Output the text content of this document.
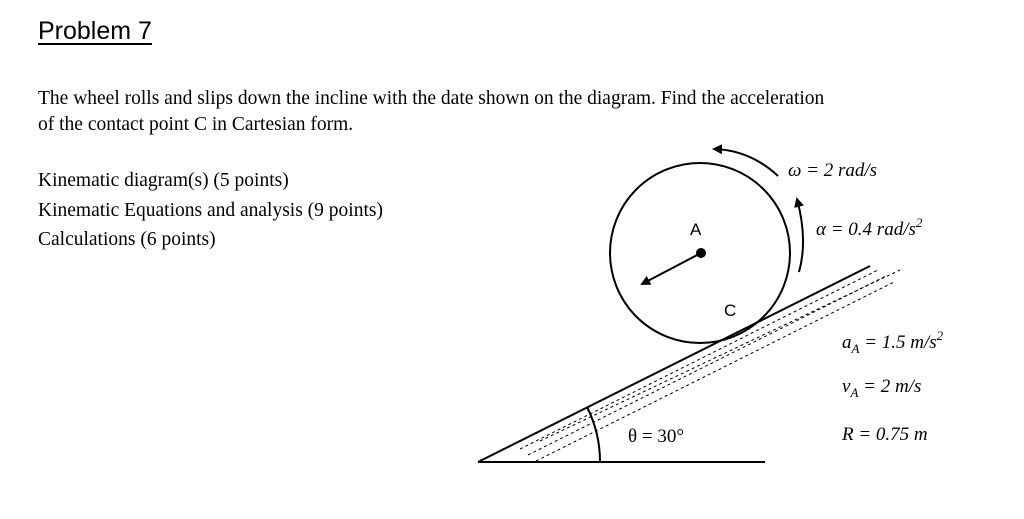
Problem 7
The wheel rolls and slips down the incline with the date shown on the diagram. Find the acceleration
of the contact point C in Cartesian form.
Kinematic diagram(s) (5 points)
Kinematic Equations and analysis (9 points)
Calculations (6 points)
θ = 30°
A
C
ω = 2 rad/s
α = 0.4 rad/$s^2$
$a_A = 1.5$ $m/s^2$
$v_A = 2$ m/s
R = 0.75 m
